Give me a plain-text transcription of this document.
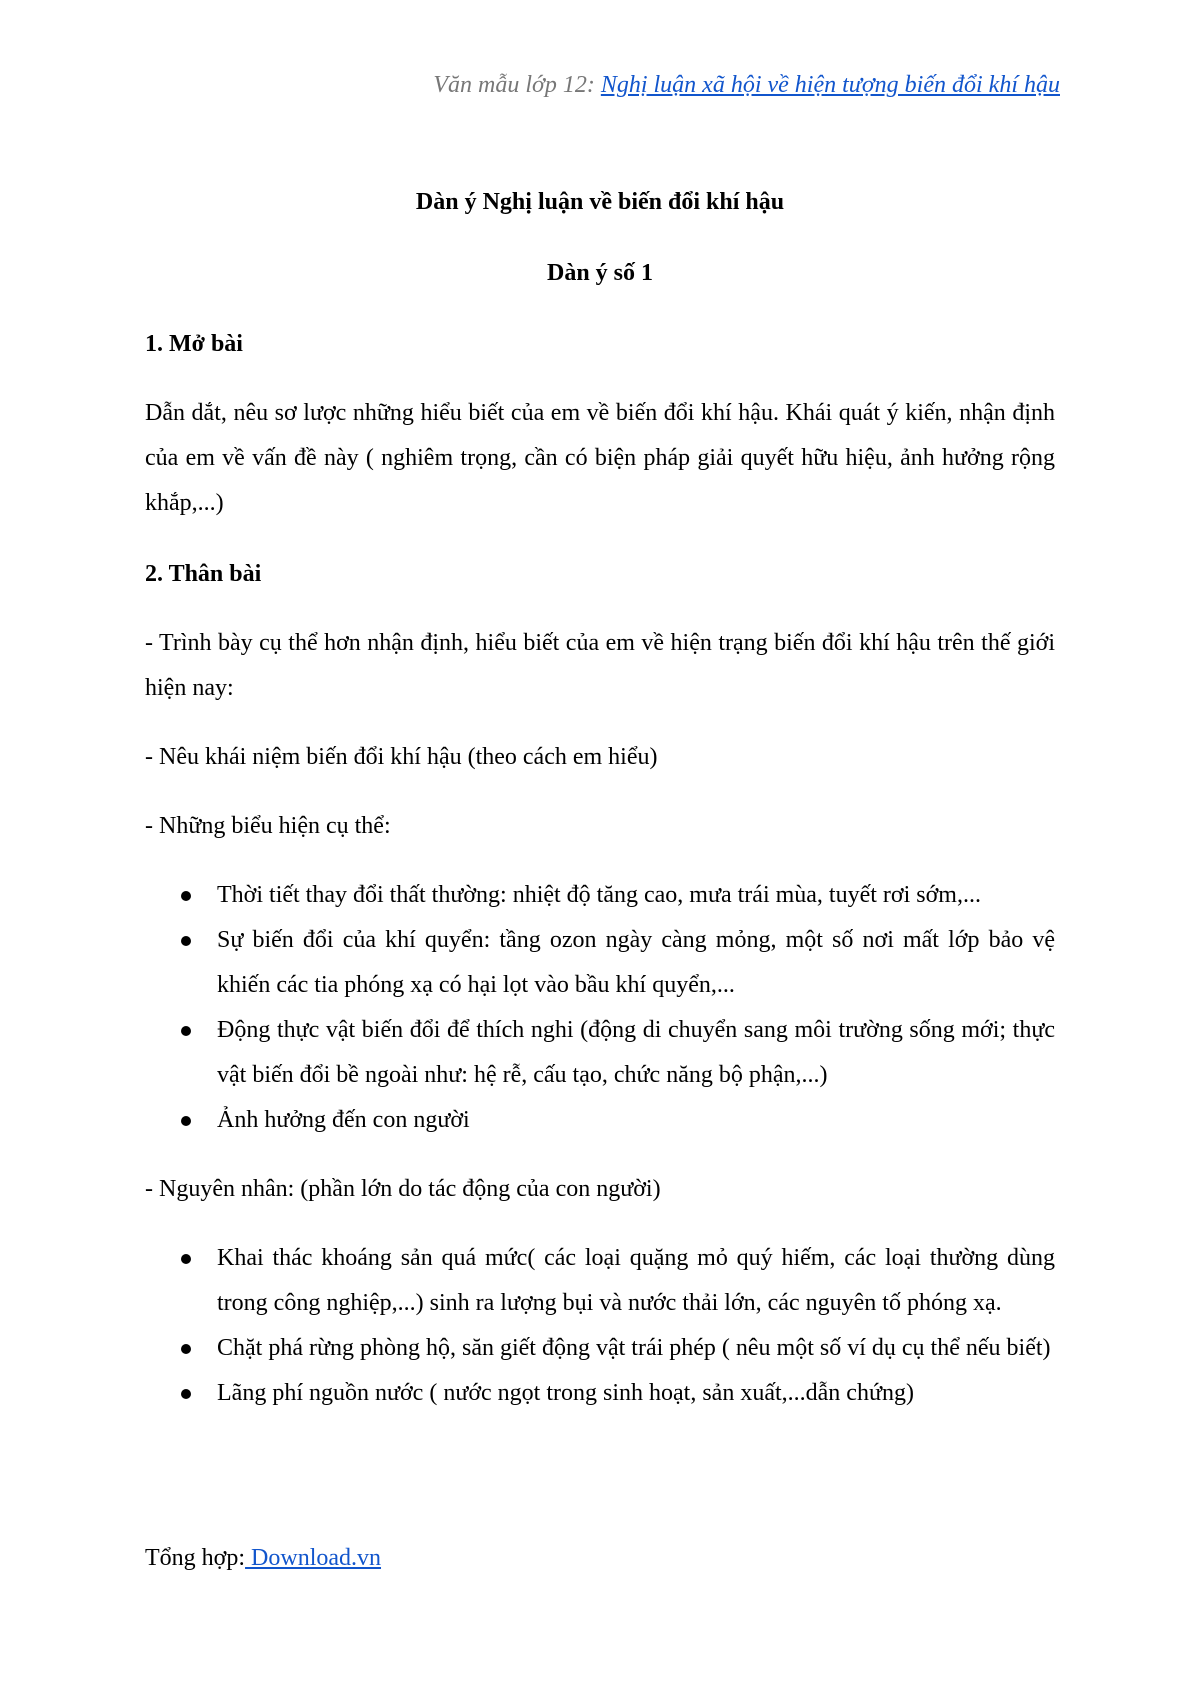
Văn mẫu lớp 12: Nghị luận xã hội về hiện tượng biến đổi khí hậu

Dàn ý Nghị luận về biến đổi khí hậu

Dàn ý số 1

1. Mở bài

Dẫn dắt, nêu sơ lược những hiểu biết của em về biến đổi khí hậu. Khái quát ý kiến, nhận định của em về vấn đề này ( nghiêm trọng, cần có biện pháp giải quyết hữu hiệu, ảnh hưởng rộng khắp,...)

2. Thân bài

- Trình bày cụ thể hơn nhận định, hiểu biết của em về hiện trạng biến đổi khí hậu trên thế giới hiện nay:

- Nêu khái niệm biến đổi khí hậu (theo cách em hiểu)

- Những biểu hiện cụ thể:

Thời tiết thay đổi thất thường: nhiệt độ tăng cao, mưa trái mùa, tuyết rơi sớm,...
Sự biến đổi của khí quyển: tầng ozon ngày càng mỏng, một số nơi mất lớp bảo vệ khiến các tia phóng xạ có hại lọt vào bầu khí quyển,...
Động thực vật biến đổi để thích nghi (động di chuyển sang môi trường sống mới; thực vật biến đổi bề ngoài như: hệ rễ, cấu tạo, chức năng bộ phận,...)
Ảnh hưởng đến con người

- Nguyên nhân: (phần lớn do tác động của con người)

Khai thác khoáng sản quá mức( các loại quặng mỏ quý hiếm, các loại thường dùng trong công nghiệp,...) sinh ra lượng bụi và nước thải lớn, các nguyên tố phóng xạ.
Chặt phá rừng phòng hộ, săn giết động vật trái phép ( nêu một số ví dụ cụ thể nếu biết)
Lãng phí nguồn nước ( nước ngọt trong sinh hoạt, sản xuất,...dẫn chứng)
Tổng hợp: Download.vn
